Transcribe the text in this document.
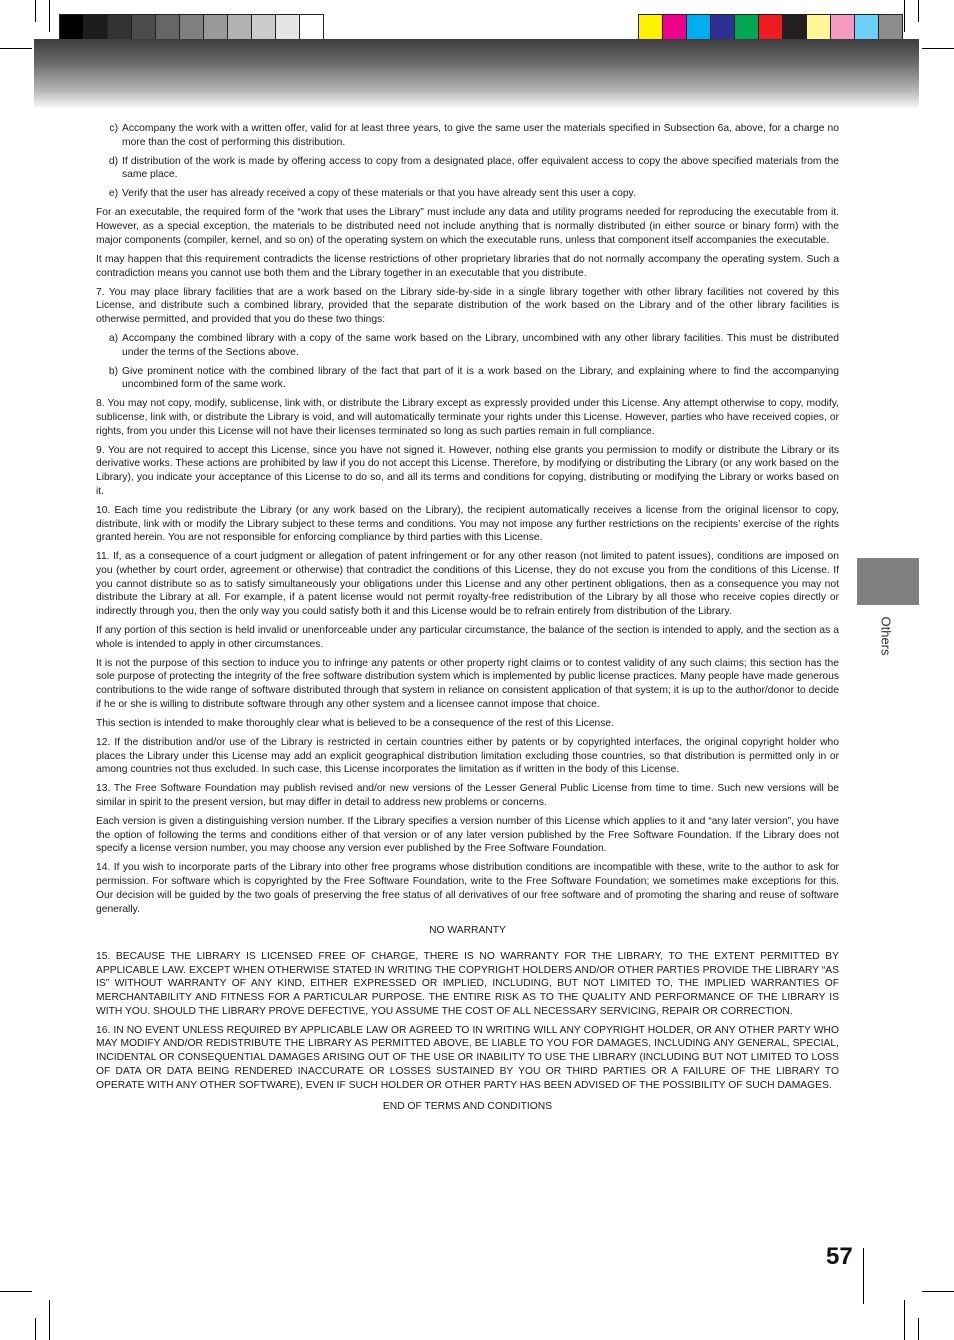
Others
c) Accompany the work with a written offer, valid for at least three years, to give the same user the materials specified in Subsection 6a, above, for a charge no more than the cost of performing this distribution.
d) If distribution of the work is made by offering access to copy from a designated place, offer equivalent access to copy the above specified materials from the same place.
e) Verify that the user has already received a copy of these materials or that you have already sent this user a copy.

For an executable, the required form of the “work that uses the Library” must include any data and utility programs needed for reproducing the executable from it. However, as a special exception, the materials to be distributed need not include anything that is normally distributed (in either source or binary form) with the major components (compiler, kernel, and so on) of the operating system on which the executable runs, unless that component itself accompanies the executable.

It may happen that this requirement contradicts the license restrictions of other proprietary libraries that do not normally accompany the operating system. Such a contradiction means you cannot use both them and the Library together in an executable that you distribute.

7. You may place library facilities that are a work based on the Library side-by-side in a single library together with other library facilities not covered by this License, and distribute such a combined library, provided that the separate distribution of the work based on the Library and of the other library facilities is otherwise permitted, and provided that you do these two things:

a) Accompany the combined library with a copy of the same work based on the Library, uncombined with any other library facilities. This must be distributed under the terms of the Sections above.
b) Give prominent notice with the combined library of the fact that part of it is a work based on the Library, and explaining where to find the accompanying uncombined form of the same work.

8. You may not copy, modify, sublicense, link with, or distribute the Library except as expressly provided under this License. Any attempt otherwise to copy, modify, sublicense, link with, or distribute the Library is void, and will automatically terminate your rights under this License. However, parties who have received copies, or rights, from you under this License will not have their licenses terminated so long as such parties remain in full compliance.

9. You are not required to accept this License, since you have not signed it. However, nothing else grants you permission to modify or distribute the Library or its derivative works. These actions are prohibited by law if you do not accept this License. Therefore, by modifying or distributing the Library (or any work based on the Library), you indicate your acceptance of this License to do so, and all its terms and conditions for copying, distributing or modifying the Library or works based on it.

10. Each time you redistribute the Library (or any work based on the Library), the recipient automatically receives a license from the original licensor to copy, distribute, link with or modify the Library subject to these terms and conditions. You may not impose any further restrictions on the recipients’ exercise of the rights granted herein. You are not responsible for enforcing compliance by third parties with this License.

11. If, as a consequence of a court judgment or allegation of patent infringement or for any other reason (not limited to patent issues), conditions are imposed on you (whether by court order, agreement or otherwise) that contradict the conditions of this License, they do not excuse you from the conditions of this License. If you cannot distribute so as to satisfy simultaneously your obligations under this License and any other pertinent obligations, then as a consequence you may not distribute the Library at all. For example, if a patent license would not permit royalty-free redistribution of the Library by all those who receive copies directly or indirectly through you, then the only way you could satisfy both it and this License would be to refrain entirely from distribution of the Library.

If any portion of this section is held invalid or unenforceable under any particular circumstance, the balance of the section is intended to apply, and the section as a whole is intended to apply in other circumstances.

It is not the purpose of this section to induce you to infringe any patents or other property right claims or to contest validity of any such claims; this section has the sole purpose of protecting the integrity of the free software distribution system which is implemented by public license practices. Many people have made generous contributions to the wide range of software distributed through that system in reliance on consistent application of that system; it is up to the author/donor to decide if he or she is willing to distribute software through any other system and a licensee cannot impose that choice.

This section is intended to make thoroughly clear what is believed to be a consequence of the rest of this License.

12. If the distribution and/or use of the Library is restricted in certain countries either by patents or by copyrighted interfaces, the original copyright holder who places the Library under this License may add an explicit geographical distribution limitation excluding those countries, so that distribution is permitted only in or among countries not thus excluded. In such case, this License incorporates the limitation as if written in the body of this License.

13. The Free Software Foundation may publish revised and/or new versions of the Lesser General Public License from time to time. Such new versions will be similar in spirit to the present version, but may differ in detail to address new problems or concerns.

Each version is given a distinguishing version number. If the Library specifies a version number of this License which applies to it and “any later version”, you have the option of following the terms and conditions either of that version or of any later version published by the Free Software Foundation. If the Library does not specify a license version number, you may choose any version ever published by the Free Software Foundation.

14. If you wish to incorporate parts of the Library into other free programs whose distribution conditions are incompatible with these, write to the author to ask for permission. For software which is copyrighted by the Free Software Foundation, write to the Free Software Foundation; we sometimes make exceptions for this. Our decision will be guided by the two goals of preserving the free status of all derivatives of our free software and of promoting the sharing and reuse of software generally.

NO WARRANTY

15. BECAUSE THE LIBRARY IS LICENSED FREE OF CHARGE, THERE IS NO WARRANTY FOR THE LIBRARY, TO THE EXTENT PERMITTED BY APPLICABLE LAW. EXCEPT WHEN OTHERWISE STATED IN WRITING THE COPYRIGHT HOLDERS AND/OR OTHER PARTIES PROVIDE THE LIBRARY “AS IS” WITHOUT WARRANTY OF ANY KIND, EITHER EXPRESSED OR IMPLIED, INCLUDING, BUT NOT LIMITED TO, THE IMPLIED WARRANTIES OF MERCHANTABILITY AND FITNESS FOR A PARTICULAR PURPOSE. THE ENTIRE RISK AS TO THE QUALITY AND PERFORMANCE OF THE LIBRARY IS WITH YOU. SHOULD THE LIBRARY PROVE DEFECTIVE, YOU ASSUME THE COST OF ALL NECESSARY SERVICING, REPAIR OR CORRECTION.

16. IN NO EVENT UNLESS REQUIRED BY APPLICABLE LAW OR AGREED TO IN WRITING WILL ANY COPYRIGHT HOLDER, OR ANY OTHER PARTY WHO MAY MODIFY AND/OR REDISTRIBUTE THE LIBRARY AS PERMITTED ABOVE, BE LIABLE TO YOU FOR DAMAGES, INCLUDING ANY GENERAL, SPECIAL, INCIDENTAL OR CONSEQUENTIAL DAMAGES ARISING OUT OF THE USE OR INABILITY TO USE THE LIBRARY (INCLUDING BUT NOT LIMITED TO LOSS OF DATA OR DATA BEING RENDERED INACCURATE OR LOSSES SUSTAINED BY YOU OR THIRD PARTIES OR A FAILURE OF THE LIBRARY TO OPERATE WITH ANY OTHER SOFTWARE), EVEN IF SUCH HOLDER OR OTHER PARTY HAS BEEN ADVISED OF THE POSSIBILITY OF SUCH DAMAGES.

END OF TERMS AND CONDITIONS

57
